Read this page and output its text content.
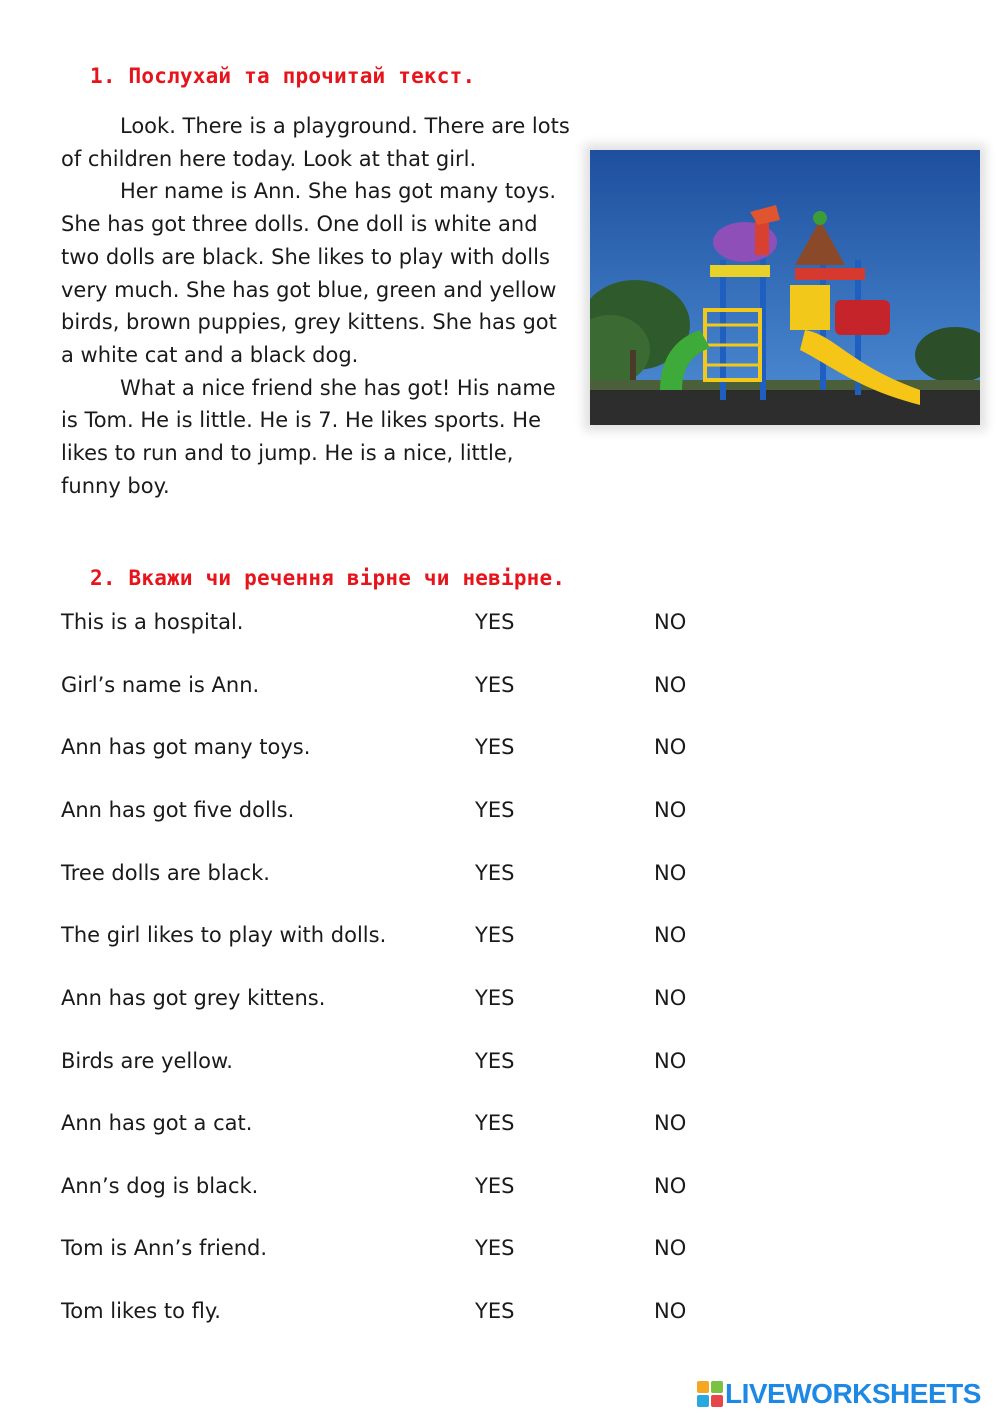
1. Послухай та прочитай текст.

Look. There is a playground. There are lots of children here today. Look at that girl.

Her name is Ann. She has got many toys. She has got three dolls. One doll is white and two dolls are black. She likes to play with dolls very much. She has got blue, green and yellow birds, brown puppies, grey kittens. She has got a white cat and a black dog.

What a nice friend she has got! His name is Tom. He is little. He is 7. He likes sports. He likes to run and to jump. He is a nice, little, funny boy.

2. Вкажи чи речення вірне чи невірне.
This is a hospital.	YES	NO
Girl’s name is Ann.	YES	NO
Ann has got many toys.	YES	NO
Ann has got five dolls.	YES	NO
Tree dolls are black.	YES	NO
The girl likes to play with dolls.	YES	NO
Ann has got grey kittens.	YES	NO
Birds are yellow.	YES	NO
Ann has got a cat.	YES	NO
Ann’s dog is black.	YES	NO
Tom is Ann’s friend.	YES	NO
Tom likes to fly.	YES	NO
LIVEWORKSHEETS
